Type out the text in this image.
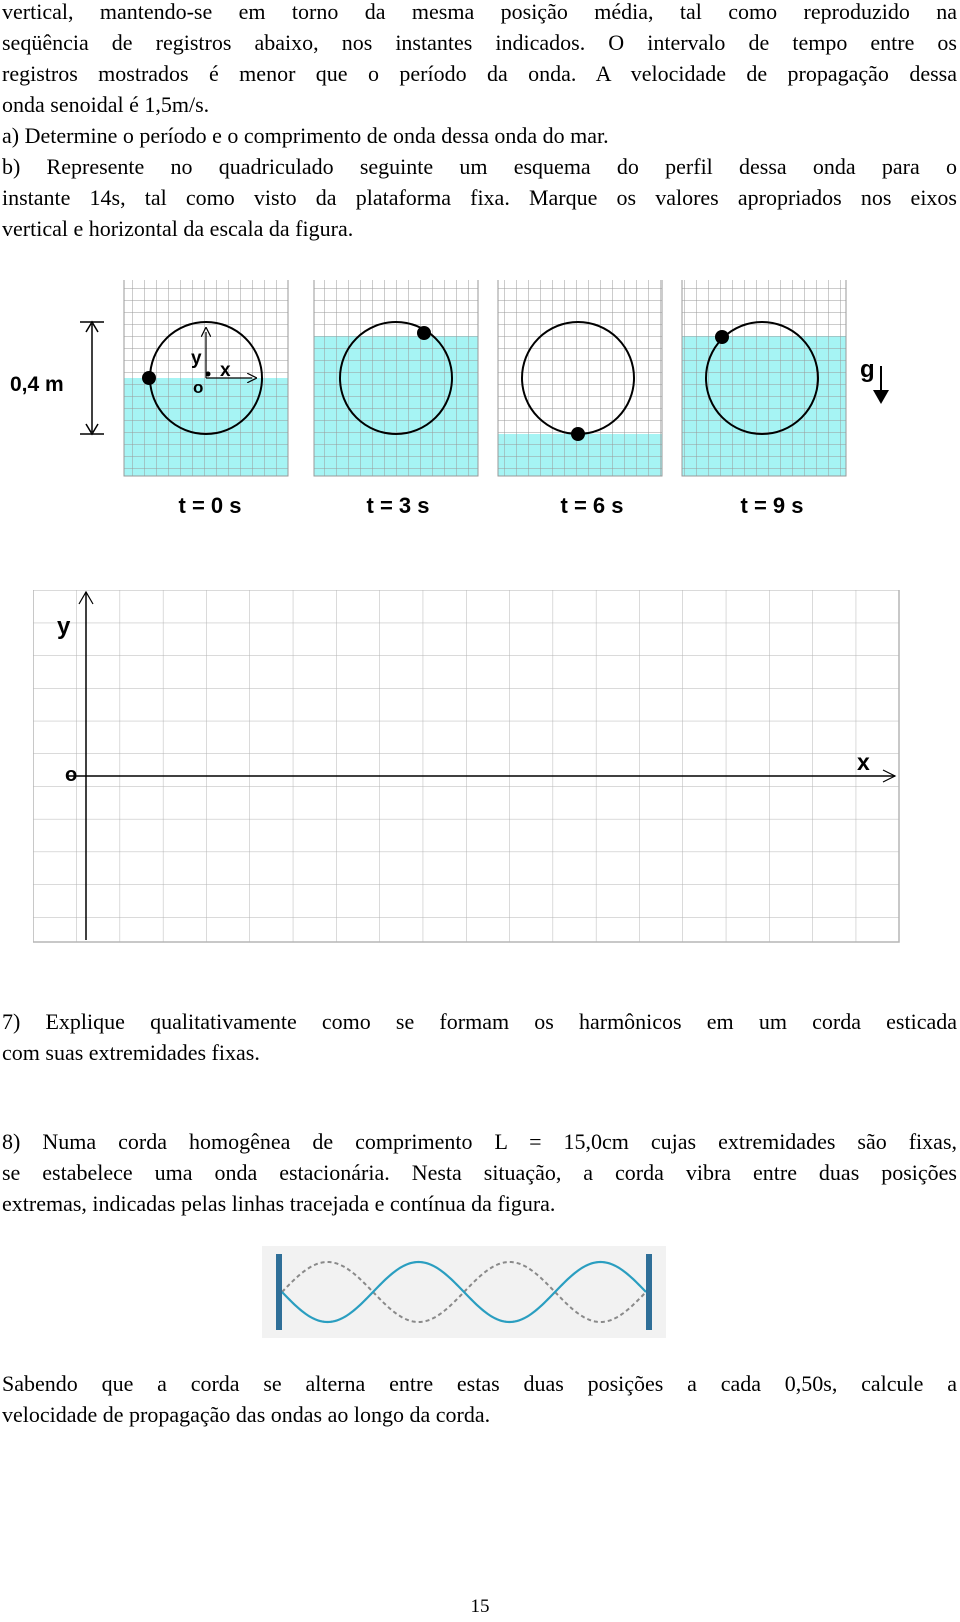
vertical, mantendo-se em torno da mesma posição média, tal como reproduzido na
seqüência de registros abaixo, nos instantes indicados. O intervalo de tempo entre os
registros mostrados é menor que o período da onda. A velocidade de propagação dessa
onda senoidal é 1,5m/s.
a) Determine o período e o comprimento de onda dessa onda do mar.
b) Represente no quadriculado seguinte um esquema do perfil dessa onda para o
instante 14s, tal como visto da plataforma fixa. Marque os valores apropriados nos eixos
vertical e horizontal da escala da figura.
y
x
o
0,4 m
g
t = 0 s	t = 3 s	t = 6 s	t = 9 s
y
x
o
7) Explique qualitativamente como se formam os harmônicos em um corda esticada
com suas extremidades fixas.
8) Numa corda homogênea de comprimento L = 15,0cm cujas extremidades são fixas,
se estabelece uma onda estacionária. Nesta situação, a corda vibra entre duas posições
extremas, indicadas pelas linhas tracejada e contínua da figura.
Sabendo que a corda se alterna entre estas duas posições a cada 0,50s, calcule a
velocidade de propagação das ondas ao longo da corda.
15
